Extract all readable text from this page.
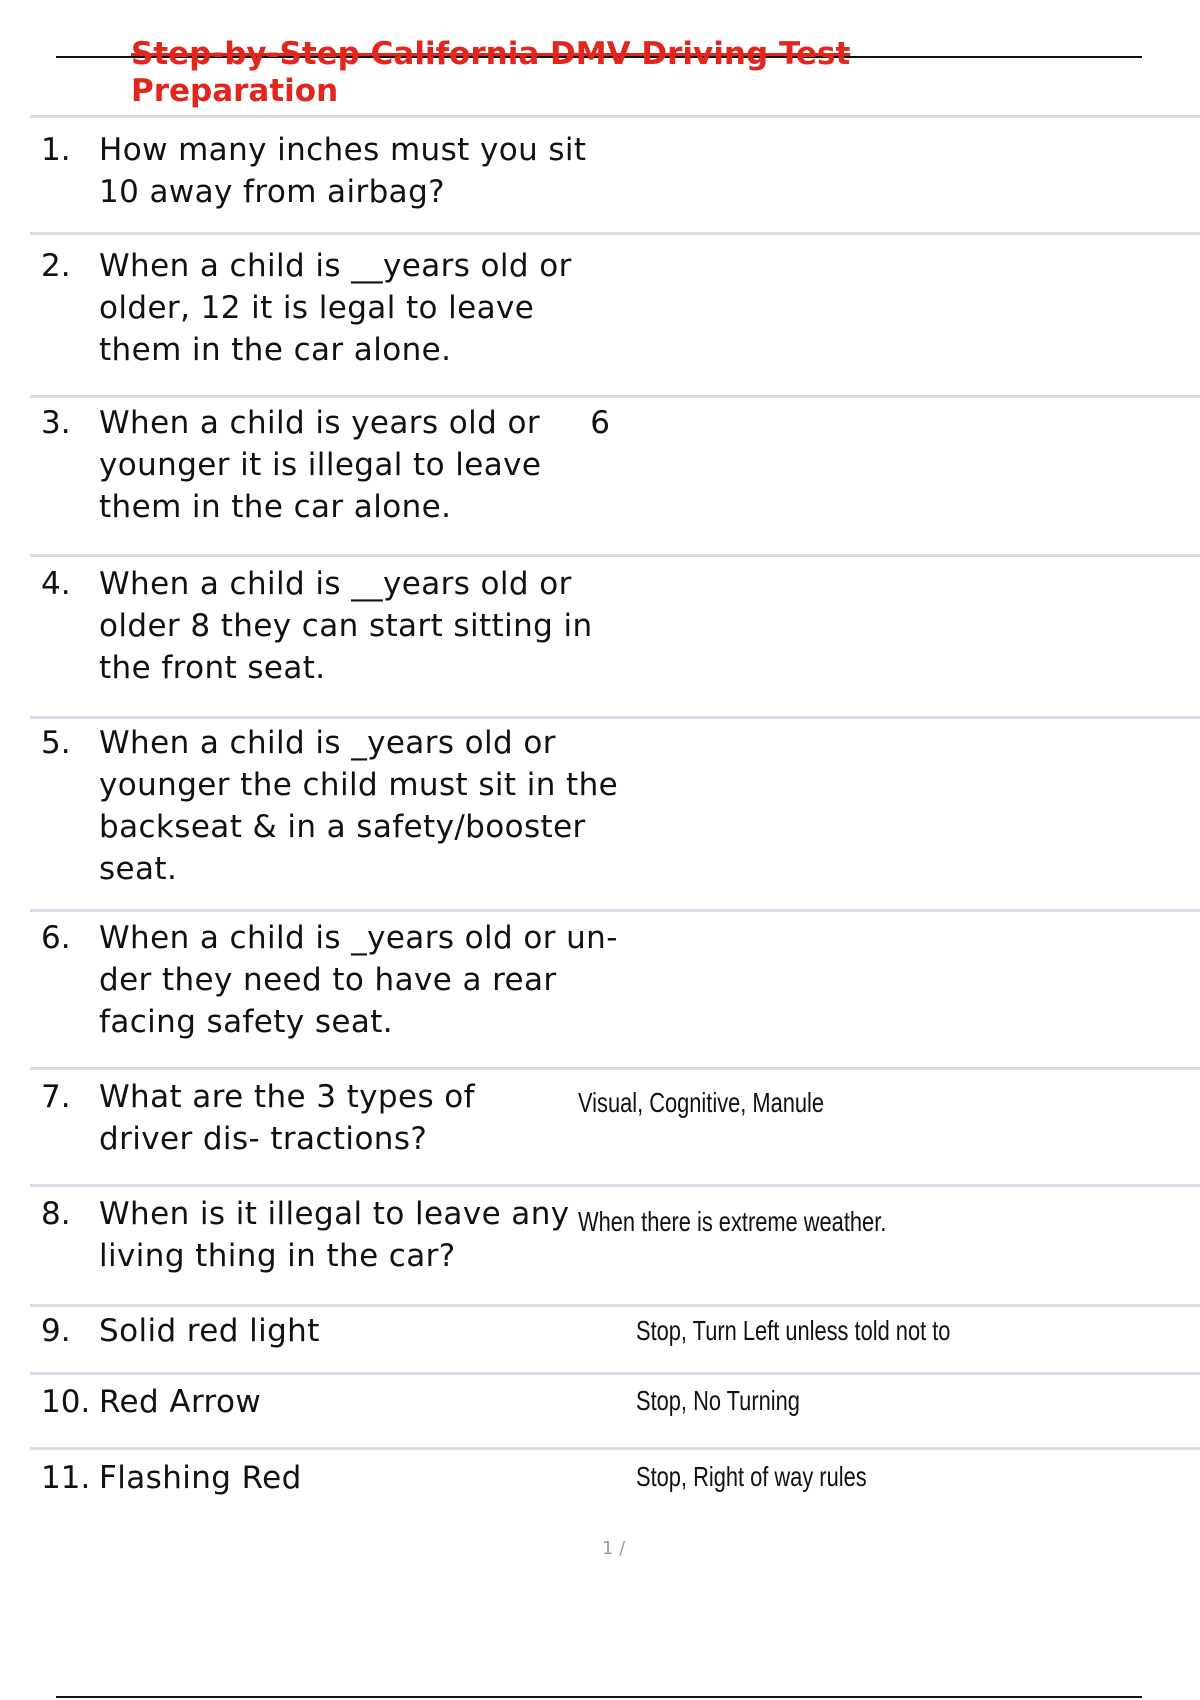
Step-by-Step California DMV Driving Test
Preparation
1. How many inches must you sit 10 away from airbag?
2. When a child is __years old or older, 12 it is legal to leave them in the car alone.
3. When a child is years old or 6 younger it is illegal to leave them in the car alone.
4. When a child is __years old or older 8 they can start sitting in the front seat.
5. When a child is _years old or younger the child must sit in the backseat & in a safety/booster seat.
6. When a child is _years old or un- der they need to have a rear facing safety seat.
7. What are the 3 types of driver dis- tractions?
Visual, Cognitive, Manule
8. When is it illegal to leave any living thing in the car?
When there is extreme weather.
9. Solid red light	Stop, Turn Left unless told not to
10. Red Arrow	Stop, No Turning
11. Flashing Red	Stop, Right of way rules
1 /
